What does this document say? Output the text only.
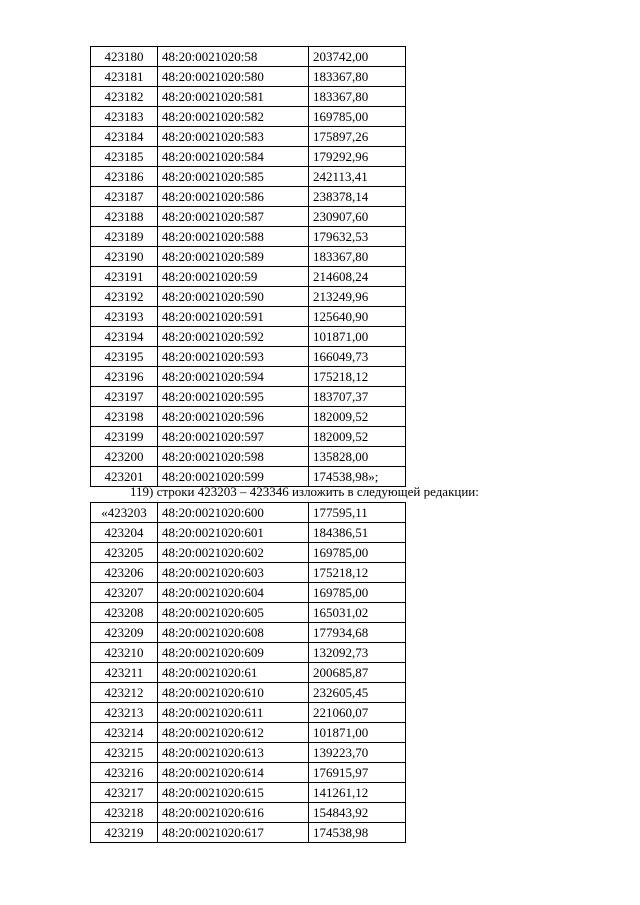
423180	48:20:0021020:58	203742,00
423181	48:20:0021020:580	183367,80
423182	48:20:0021020:581	183367,80
423183	48:20:0021020:582	169785,00
423184	48:20:0021020:583	175897,26
423185	48:20:0021020:584	179292,96
423186	48:20:0021020:585	242113,41
423187	48:20:0021020:586	238378,14
423188	48:20:0021020:587	230907,60
423189	48:20:0021020:588	179632,53
423190	48:20:0021020:589	183367,80
423191	48:20:0021020:59	214608,24
423192	48:20:0021020:590	213249,96
423193	48:20:0021020:591	125640,90
423194	48:20:0021020:592	101871,00
423195	48:20:0021020:593	166049,73
423196	48:20:0021020:594	175218,12
423197	48:20:0021020:595	183707,37
423198	48:20:0021020:596	182009,52
423199	48:20:0021020:597	182009,52
423200	48:20:0021020:598	135828,00
423201	48:20:0021020:599	174538,98»;
119) строки 423203 – 423346 изложить в следующей редакции:
«423203	48:20:0021020:600	177595,11
423204	48:20:0021020:601	184386,51
423205	48:20:0021020:602	169785,00
423206	48:20:0021020:603	175218,12
423207	48:20:0021020:604	169785,00
423208	48:20:0021020:605	165031,02
423209	48:20:0021020:608	177934,68
423210	48:20:0021020:609	132092,73
423211	48:20:0021020:61	200685,87
423212	48:20:0021020:610	232605,45
423213	48:20:0021020:611	221060,07
423214	48:20:0021020:612	101871,00
423215	48:20:0021020:613	139223,70
423216	48:20:0021020:614	176915,97
423217	48:20:0021020:615	141261,12
423218	48:20:0021020:616	154843,92
423219	48:20:0021020:617	174538,98
